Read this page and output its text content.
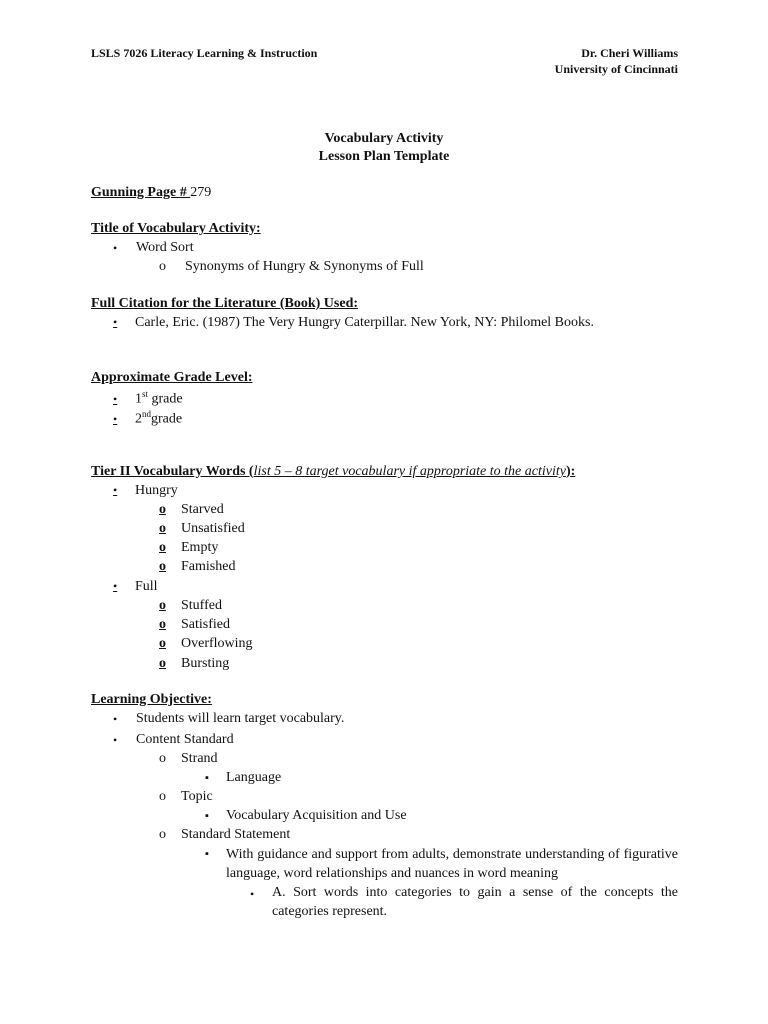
LSLS 7026 Literacy Learning & Instruction	Dr. Cheri Williams
University of Cincinnati
Vocabulary Activity
Lesson Plan Template
Gunning Page # 279
Title of Vocabulary Activity:
• Word Sort
o Synonyms of Hungry & Synonyms of Full
Full Citation for the Literature (Book) Used:
• Carle, Eric. (1987) The Very Hungry Caterpillar. New York, NY: Philomel Books.
Approximate Grade Level:
• 1st grade
• 2ndgrade
Tier II Vocabulary Words (list 5 – 8 target vocabulary if appropriate to the activity):
• Hungry
o Starved
o Unsatisfied
o Empty
o Famished
• Full
o Stuffed
o Satisfied
o Overflowing
o Bursting
Learning Objective:
• Students will learn target vocabulary.
• Content Standard
o Strand
▪ Language
o Topic
▪ Vocabulary Acquisition and Use
o Standard Statement
▪ With guidance and support from adults, demonstrate understanding of figurative language, word relationships and nuances in word meaning
• A. Sort words into categories to gain a sense of the concepts the categories represent.
